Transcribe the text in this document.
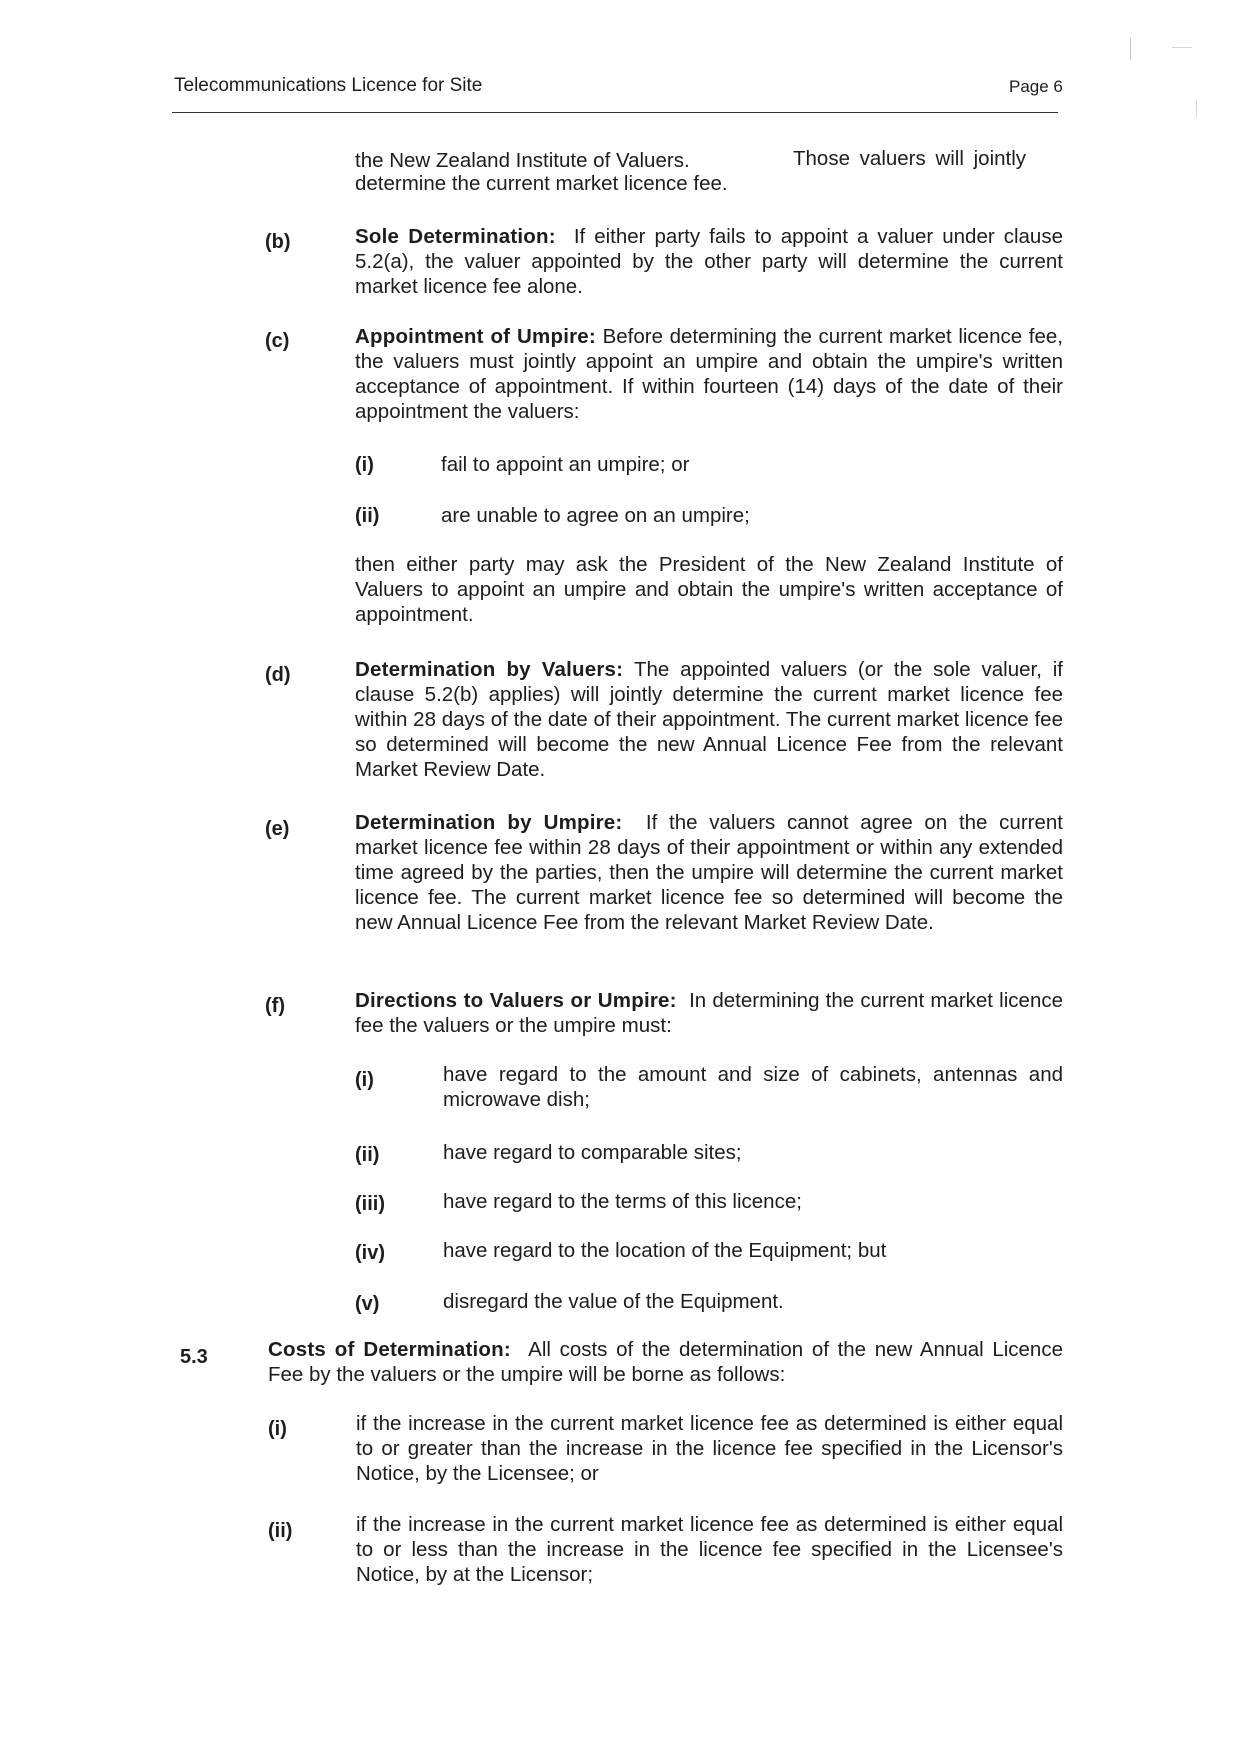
Telecommunications Licence for Site	Page 6
the New Zealand Institute of Valuers.	Those valuers will jointly
determine the current market licence fee.
(b)	Sole Determination: If either party fails to appoint a valuer under clause 5.2(a), the valuer appointed by the other party will determine the current market licence fee alone.
(c)	Appointment of Umpire: Before determining the current market licence fee, the valuers must jointly appoint an umpire and obtain the umpire's written acceptance of appointment. If within fourteen (14) days of the date of their appointment the valuers:
(i)	fail to appoint an umpire; or
(ii)	are unable to agree on an umpire;
then either party may ask the President of the New Zealand Institute of Valuers to appoint an umpire and obtain the umpire's written acceptance of appointment.
(d)	Determination by Valuers: The appointed valuers (or the sole valuer, if clause 5.2(b) applies) will jointly determine the current market licence fee within 28 days of the date of their appointment. The current market licence fee so determined will become the new Annual Licence Fee from the relevant Market Review Date.
(e)	Determination by Umpire: If the valuers cannot agree on the current market licence fee within 28 days of their appointment or within any extended time agreed by the parties, then the umpire will determine the current market licence fee. The current market licence fee so determined will become the new Annual Licence Fee from the relevant Market Review Date.
(f)	Directions to Valuers or Umpire: In determining the current market licence fee the valuers or the umpire must:
(i)	have regard to the amount and size of cabinets, antennas and microwave dish;
(ii)	have regard to comparable sites;
(iii)	have regard to the terms of this licence;
(iv)	have regard to the location of the Equipment; but
(v)	disregard the value of the Equipment.
5.3	Costs of Determination: All costs of the determination of the new Annual Licence Fee by the valuers or the umpire will be borne as follows:
(i)	if the increase in the current market licence fee as determined is either equal to or greater than the increase in the licence fee specified in the Licensor's Notice, by the Licensee; or
(ii)	if the increase in the current market licence fee as determined is either equal to or less than the increase in the licence fee specified in the Licensee's Notice, by at the Licensor;
